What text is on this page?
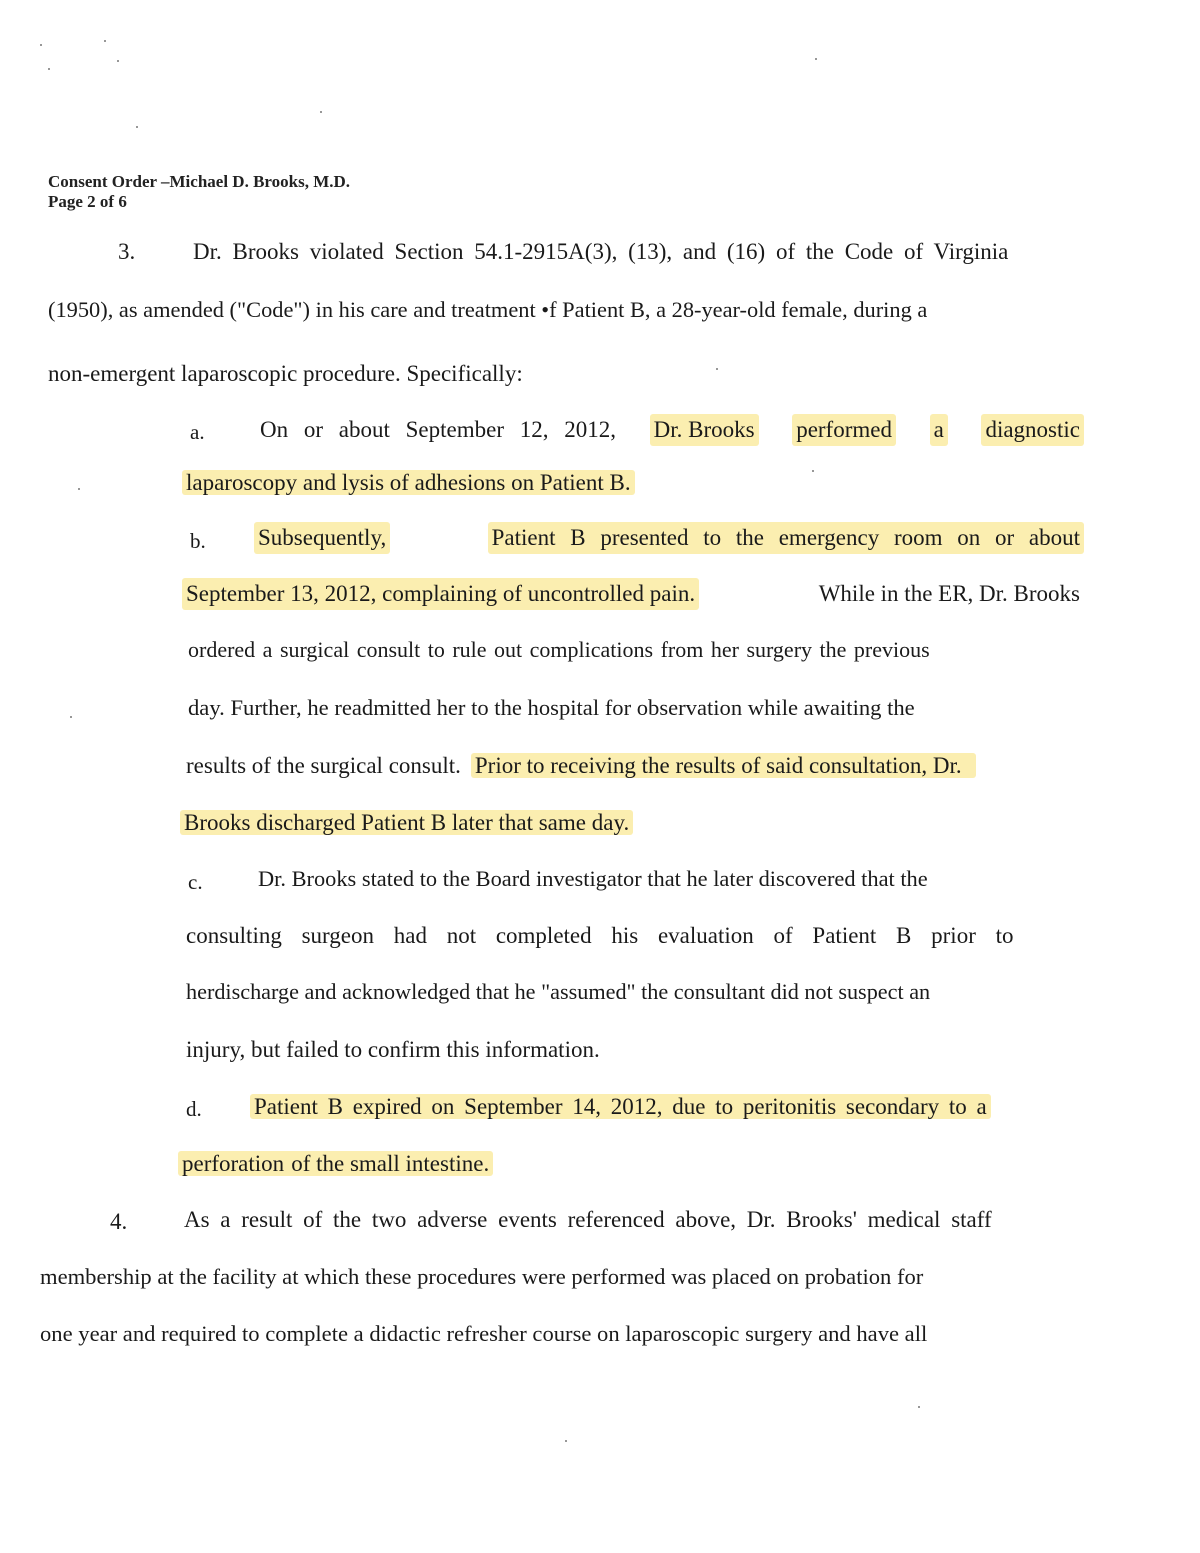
Consent Order –Michael D. Brooks, M.D.
Page 2 of 6
3.	Dr. Brooks violated Section 54.1-2915A(3), (13), and (16) of the Code of Virginia
(1950), as amended ("Code") in his care and treatment •f Patient B, a 28-year-old female, during a
non-emergent laparoscopic procedure. Specifically:
a. On or about September 12, 2012, Dr. Brooks performed a diagnostic
laparoscopy and lysis of adhesions on Patient B.
b. Subsequently,	Patient B presented to the emergency room on or about
September 13, 2012, complaining of uncontrolled pain.	While in the ER, Dr. Brooks
ordered a surgical consult to rule out complications from her surgery the previous
day. Further, he readmitted her to the hospital for observation while awaiting the
results of the surgical consult. Prior to receiving the results of said consultation, Dr.
Brooks discharged Patient B later that same day.
c. Dr. Brooks stated to the Board investigator that he later discovered that the
consulting surgeon had not completed his evaluation of Patient B prior to
herdischarge and acknowledged that he "assumed" the consultant did not suspect an
injury, but failed to confirm this information.
d. Patient B expired on September 14, 2012, due to peritonitis secondary to a
perforation of the small intestine.
4. As a result of the two adverse events referenced above, Dr. Brooks' medical staff
membership at the facility at which these procedures were performed was placed on probation for
one year and required to complete a didactic refresher course on laparoscopic surgery and have all
